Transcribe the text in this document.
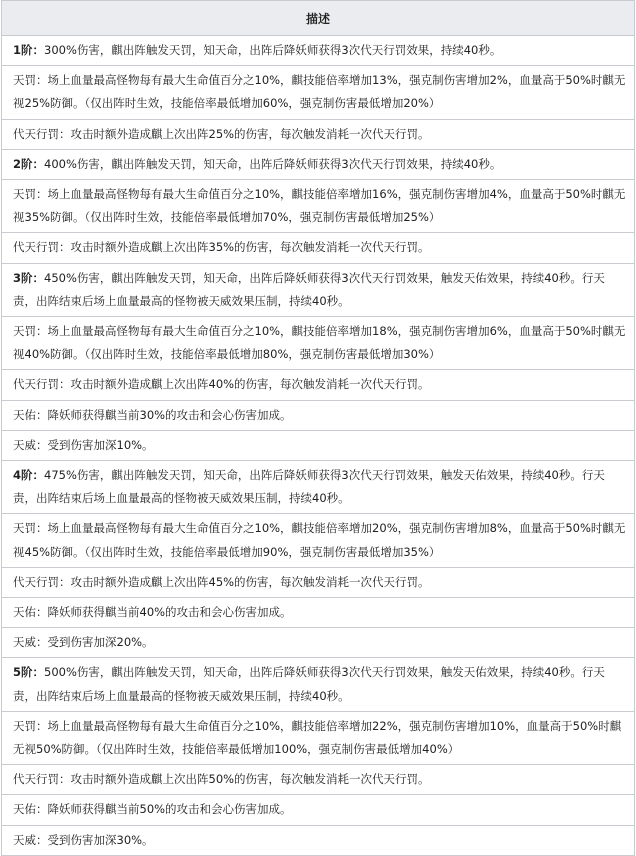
描述
1阶：300%伤害，麒出阵触发天罚，知天命，出阵后降妖师获得3次代天行罚效果，持续40秒。
天罚：场上血量最高怪物每有最大生命值百分之10%，麒技能倍率增加13%，强克制伤害增加2%，血量高于50%时麒无视25%防御。（仅出阵时生效，技能倍率最低增加60%，强克制伤害最低增加20%）
代天行罚：攻击时额外造成麒上次出阵25%的伤害，每次触发消耗一次代天行罚。
2阶：400%伤害，麒出阵触发天罚，知天命，出阵后降妖师获得3次代天行罚效果，持续40秒。
天罚：场上血量最高怪物每有最大生命值百分之10%，麒技能倍率增加16%，强克制伤害增加4%，血量高于50%时麒无视35%防御。（仅出阵时生效，技能倍率最低增加70%，强克制伤害最低增加25%）
代天行罚：攻击时额外造成麒上次出阵35%的伤害，每次触发消耗一次代天行罚。
3阶：450%伤害，麒出阵触发天罚，知天命，出阵后降妖师获得3次代天行罚效果，触发天佑效果，持续40秒。行天责，出阵结束后场上血量最高的怪物被天威效果压制，持续40秒。
天罚：场上血量最高怪物每有最大生命值百分之10%，麒技能倍率增加18%，强克制伤害增加6%，血量高于50%时麒无视40%防御。（仅出阵时生效，技能倍率最低增加80%，强克制伤害最低增加30%）
代天行罚：攻击时额外造成麒上次出阵40%的伤害，每次触发消耗一次代天行罚。
天佑：降妖师获得麒当前30%的攻击和会心伤害加成。
天威：受到伤害加深10%。
4阶：475%伤害，麒出阵触发天罚，知天命，出阵后降妖师获得3次代天行罚效果，触发天佑效果，持续40秒。行天责，出阵结束后场上血量最高的怪物被天威效果压制，持续40秒。
天罚：场上血量最高怪物每有最大生命值百分之10%，麒技能倍率增加20%，强克制伤害增加8%，血量高于50%时麒无视45%防御。（仅出阵时生效，技能倍率最低增加90%，强克制伤害最低增加35%）
代天行罚：攻击时额外造成麒上次出阵45%的伤害，每次触发消耗一次代天行罚。
天佑：降妖师获得麒当前40%的攻击和会心伤害加成。
天威：受到伤害加深20%。
5阶：500%伤害，麒出阵触发天罚，知天命，出阵后降妖师获得3次代天行罚效果，触发天佑效果，持续40秒。行天责，出阵结束后场上血量最高的怪物被天威效果压制，持续40秒。
天罚：场上血量最高怪物每有最大生命值百分之10%，麒技能倍率增加22%，强克制伤害增加10%，血量高于50%时麒无视50%防御。（仅出阵时生效，技能倍率最低增加100%，强克制伤害最低增加40%）
代天行罚：攻击时额外造成麒上次出阵50%的伤害，每次触发消耗一次代天行罚。
天佑：降妖师获得麒当前50%的攻击和会心伤害加成。
天威：受到伤害加深30%。
